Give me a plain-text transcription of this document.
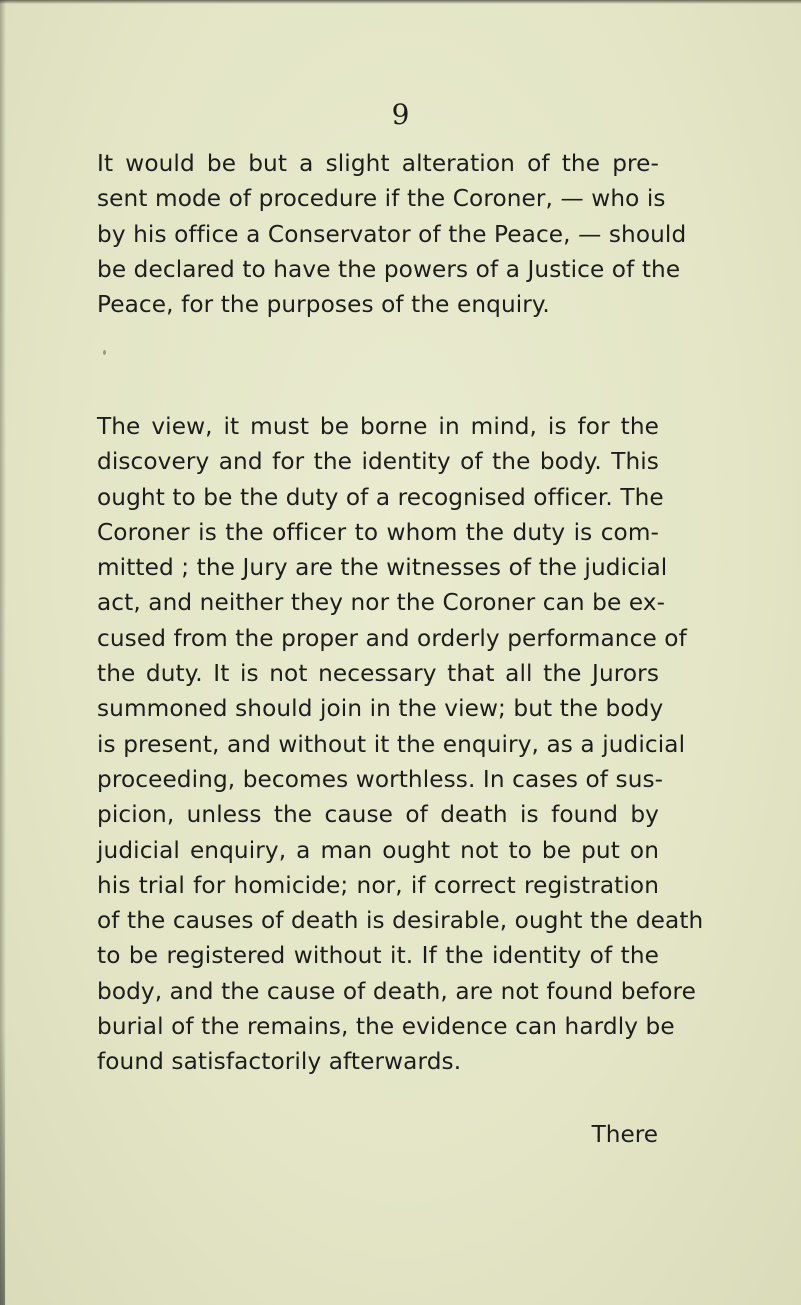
9
It would be but a slight alteration of the pre-
sent mode of procedure if the Coroner, — who is
by his office a Conservator of the Peace, — should
be declared to have the powers of a Justice of the
Peace, for the purposes of the enquiry.
The view, it must be borne in mind, is for the
discovery and for the identity of the body. This
ought to be the duty of a recognised officer. The
Coroner is the officer to whom the duty is com-
mitted ; the Jury are the witnesses of the judicial
act, and neither they nor the Coroner can be ex-
cused from the proper and orderly performance of
the duty. It is not necessary that all the Jurors
summoned should join in the view; but the body
is present, and without it the enquiry, as a judicial
proceeding, becomes worthless. In cases of sus-
picion, unless the cause of death is found by
judicial enquiry, a man ought not to be put on
his trial for homicide; nor, if correct registration
of the causes of death is desirable, ought the death
to be registered without it. If the identity of the
body, and the cause of death, are not found before
burial of the remains, the evidence can hardly be
found satisfactorily afterwards.
There
